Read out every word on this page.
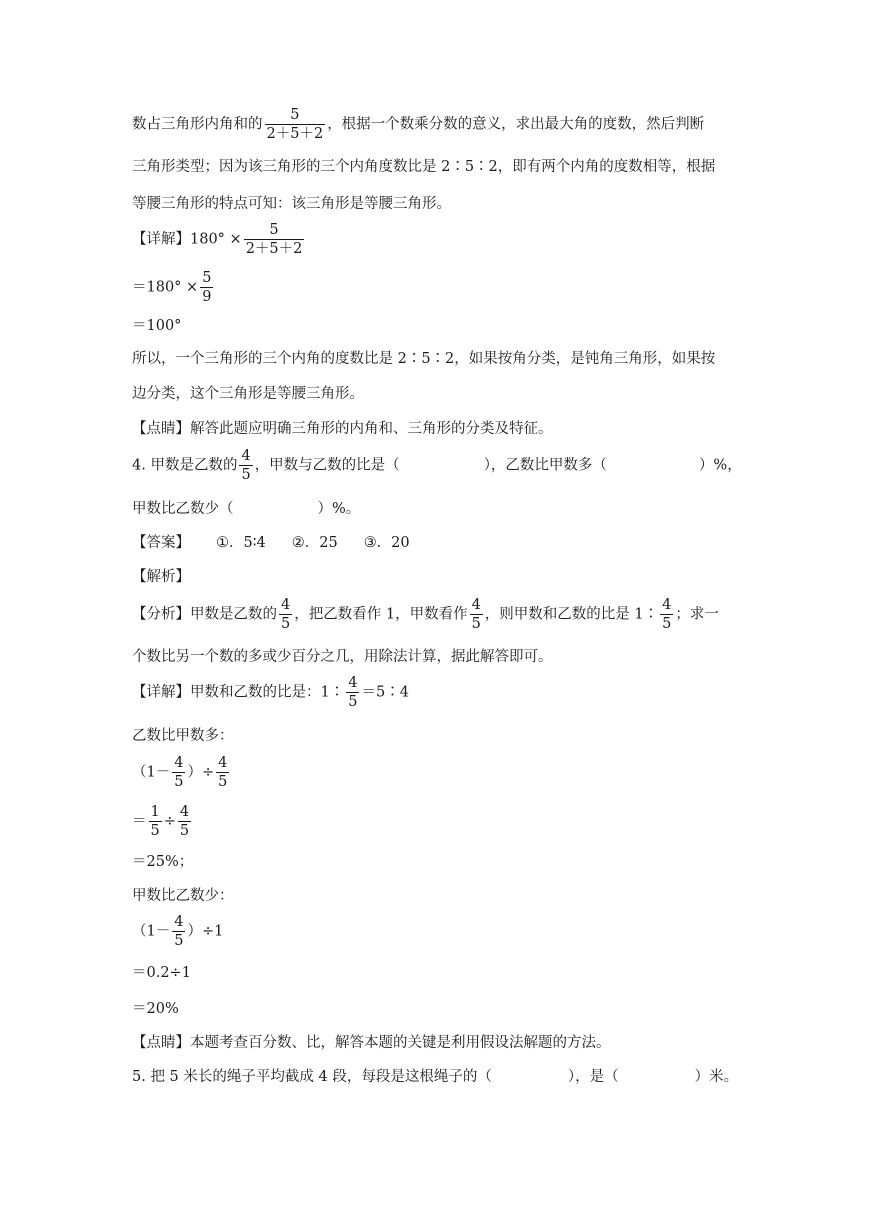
数占三角形内角和的 $\frac{5}{2+5+2}$ ，根据一个数乘分数的意义，求出最大角的度数，然后判断
三角形类型；因为该三角形的三个内角度数比是 2∶5∶2，即有两个内角的度数相等，根据
等腰三角形的特点可知：该三角形是等腰三角形。
【详解】$180^\circ \times \frac{5}{2+5+2}$
$=180^\circ \times \frac{5}{9}$
＝100°
所以，一个三角形的三个内角的度数比是 2∶5∶2，如果按角分类，是钝角三角形，如果按
边分类，这个三角形是等腰三角形。
【点睛】解答此题应明确三角形的内角和、三角形的分类及特征。
4. 甲数是乙数的 $\frac{4}{5}$ ，甲数与乙数的比是（	），乙数比甲数多（	）%，
甲数比乙数少（	）%。
【答案】 ①．5∶4 ②．25 ③．20
【解析】
【分析】甲数是乙数的 $\frac{4}{5}$ ，把乙数看作 1，甲数看作 $\frac{4}{5}$ ，则甲数和乙数的比是 1∶ $\frac{4}{5}$ ；求一
个数比另一个数的多或少百分之几，用除法计算，据此解答即可。
【详解】甲数和乙数的比是：1∶ $\frac{4}{5}$ ＝5∶4
乙数比甲数多：
（$1- \frac{4}{5}$ ）÷ $\frac{4}{5}$
＝ $\frac{1}{5} \div \frac{4}{5}$
＝25%；
甲数比乙数少：
$(1- \frac{4}{5} )\div 1$
＝0.2÷1
＝20%
【点睛】本题考查百分数、比，解答本题的关键是利用假设法解题的方法。
5. 把 5 米长的绳子平均截成 4 段，每段是这根绳子的（	），是（	）米。
